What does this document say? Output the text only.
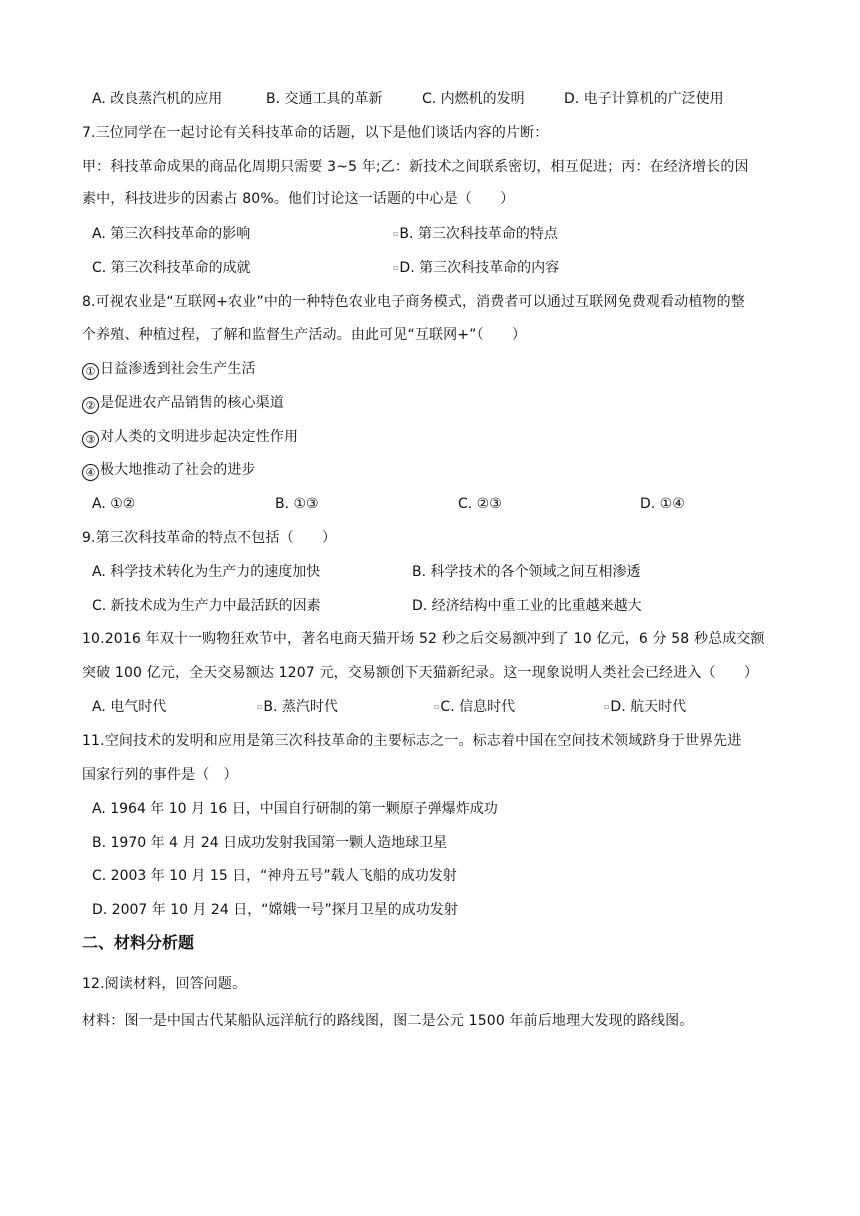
A. 改良蒸汽机的应用	B. 交通工具的革新	C. 内燃机的发明	D. 电子计算机的广泛使用
7.三位同学在一起讨论有关科技革命的话题，以下是他们谈话内容的片断：
甲：科技革命成果的商品化周期只需要 3~5 年;乙：新技术之间联系密切，相互促进；丙：在经济增长的因
素中，科技进步的因素占 80%。他们讨论这一话题的中心是（　　）
A. 第三次科技革命的影响	▫B. 第三次科技革命的特点
C. 第三次科技革命的成就	▫D. 第三次科技革命的内容
8.可视农业是“互联网+农业”中的一种特色农业电子商务模式，消费者可以通过互联网免费观看动植物的整
个养殖、种植过程，了解和监督生产活动。由此可见“互联网+”（　　）
① 日益渗透到社会生产生活
② 是促进农产品销售的核心渠道
③ 对人类的文明进步起决定性作用
④ 极大地推动了社会的进步
A. ①②	B. ①③	C. ②③	D. ①④
9.第三次科技革命的特点不包括（　　）
A. 科学技术转化为生产力的速度加快	B. 科学技术的各个领域之间互相渗透
C. 新技术成为生产力中最活跃的因素	D. 经济结构中重工业的比重越来越大
10.2016 年双十一购物狂欢节中，著名电商天猫开场 52 秒之后交易额冲到了 10 亿元，6 分 58 秒总成交额
突破 100 亿元，全天交易额达 1207 元，交易额创下天猫新纪录。这一现象说明人类社会已经进入（　　）
A. 电气时代	▫B. 蒸汽时代	▫C. 信息时代	▫D. 航天时代
11.空间技术的发明和应用是第三次科技革命的主要标志之一。标志着中国在空间技术领域跻身于世界先进
国家行列的事件是（　）
A. 1964 年 10 月 16 日，中国自行研制的第一颗原子弹爆炸成功
B. 1970 年 4 月 24 日成功发射我国第一颗人造地球卫星
C. 2003 年 10 月 15 日，“神舟五号”载人飞船的成功发射
D. 2007 年 10 月 24 日，“嫦娥一号”探月卫星的成功发射
二、材料分析题
12.阅读材料，回答问题。
材料：图一是中国古代某船队远洋航行的路线图，图二是公元 1500 年前后地理大发现的路线图。
